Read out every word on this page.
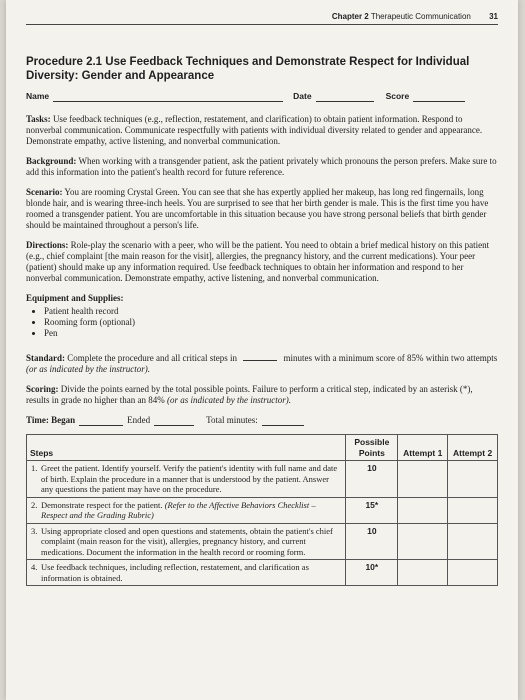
Chapter 2 Therapeutic Communication 31
Procedure 2.1 Use Feedback Techniques and Demonstrate Respect for Individual Diversity: Gender and Appearance
Name	Date	Score

Tasks: Use feedback techniques (e.g., reflection, restatement, and clarification) to obtain patient information. Respond to nonverbal communication. Communicate respectfully with patients with individual diversity related to gender and appearance. Demonstrate empathy, active listening, and nonverbal communication.

Background: When working with a transgender patient, ask the patient privately which pronouns the person prefers. Make sure to add this information into the patient's health record for future reference.

Scenario: You are rooming Crystal Green. You can see that she has expertly applied her makeup, has long red fingernails, long blonde hair, and is wearing three-inch heels. You are surprised to see that her birth gender is male. This is the first time you have roomed a transgender patient. You are uncomfortable in this situation because you have strong personal beliefs that birth gender should be maintained throughout a person's life.

Directions: Role-play the scenario with a peer, who will be the patient. You need to obtain a brief medical history on this patient (e.g., chief complaint [the main reason for the visit], allergies, the pregnancy history, and the current medications). Your peer (patient) should make up any information required. Use feedback techniques to obtain her information and respond to her nonverbal communication. Demonstrate empathy, active listening, and nonverbal communication.

Equipment and Supplies:
• Patient health record
• Rooming form (optional)
• Pen

Standard: Complete the procedure and all critical steps in	minutes with a minimum score of 85% within two attempts (or as indicated by the instructor).

Scoring: Divide the points earned by the total possible points. Failure to perform a critical step, indicated by an asterisk (*), results in grade no higher than an 84% (or as indicated by the instructor).

Time: Began	Ended	Total minutes:
Steps	Possible Points	Attempt 1	Attempt 2

1. Greet the patient. Identify yourself. Verify the patient's identity with full name and date of birth. Explain the procedure in a manner that is understood by the patient. Answer any questions the patient may have on the procedure.	10		

2. Demonstrate respect for the patient. (Refer to the Affective Behaviors Checklist – Respect and the Grading Rubric)	15*		

3. Using appropriate closed and open questions and statements, obtain the patient's chief complaint (main reason for the visit), allergies, pregnancy history, and current medications. Document the information in the health record or rooming form.	10		

4. Use feedback techniques, including reflection, restatement, and clarification as information is obtained.	10*		
